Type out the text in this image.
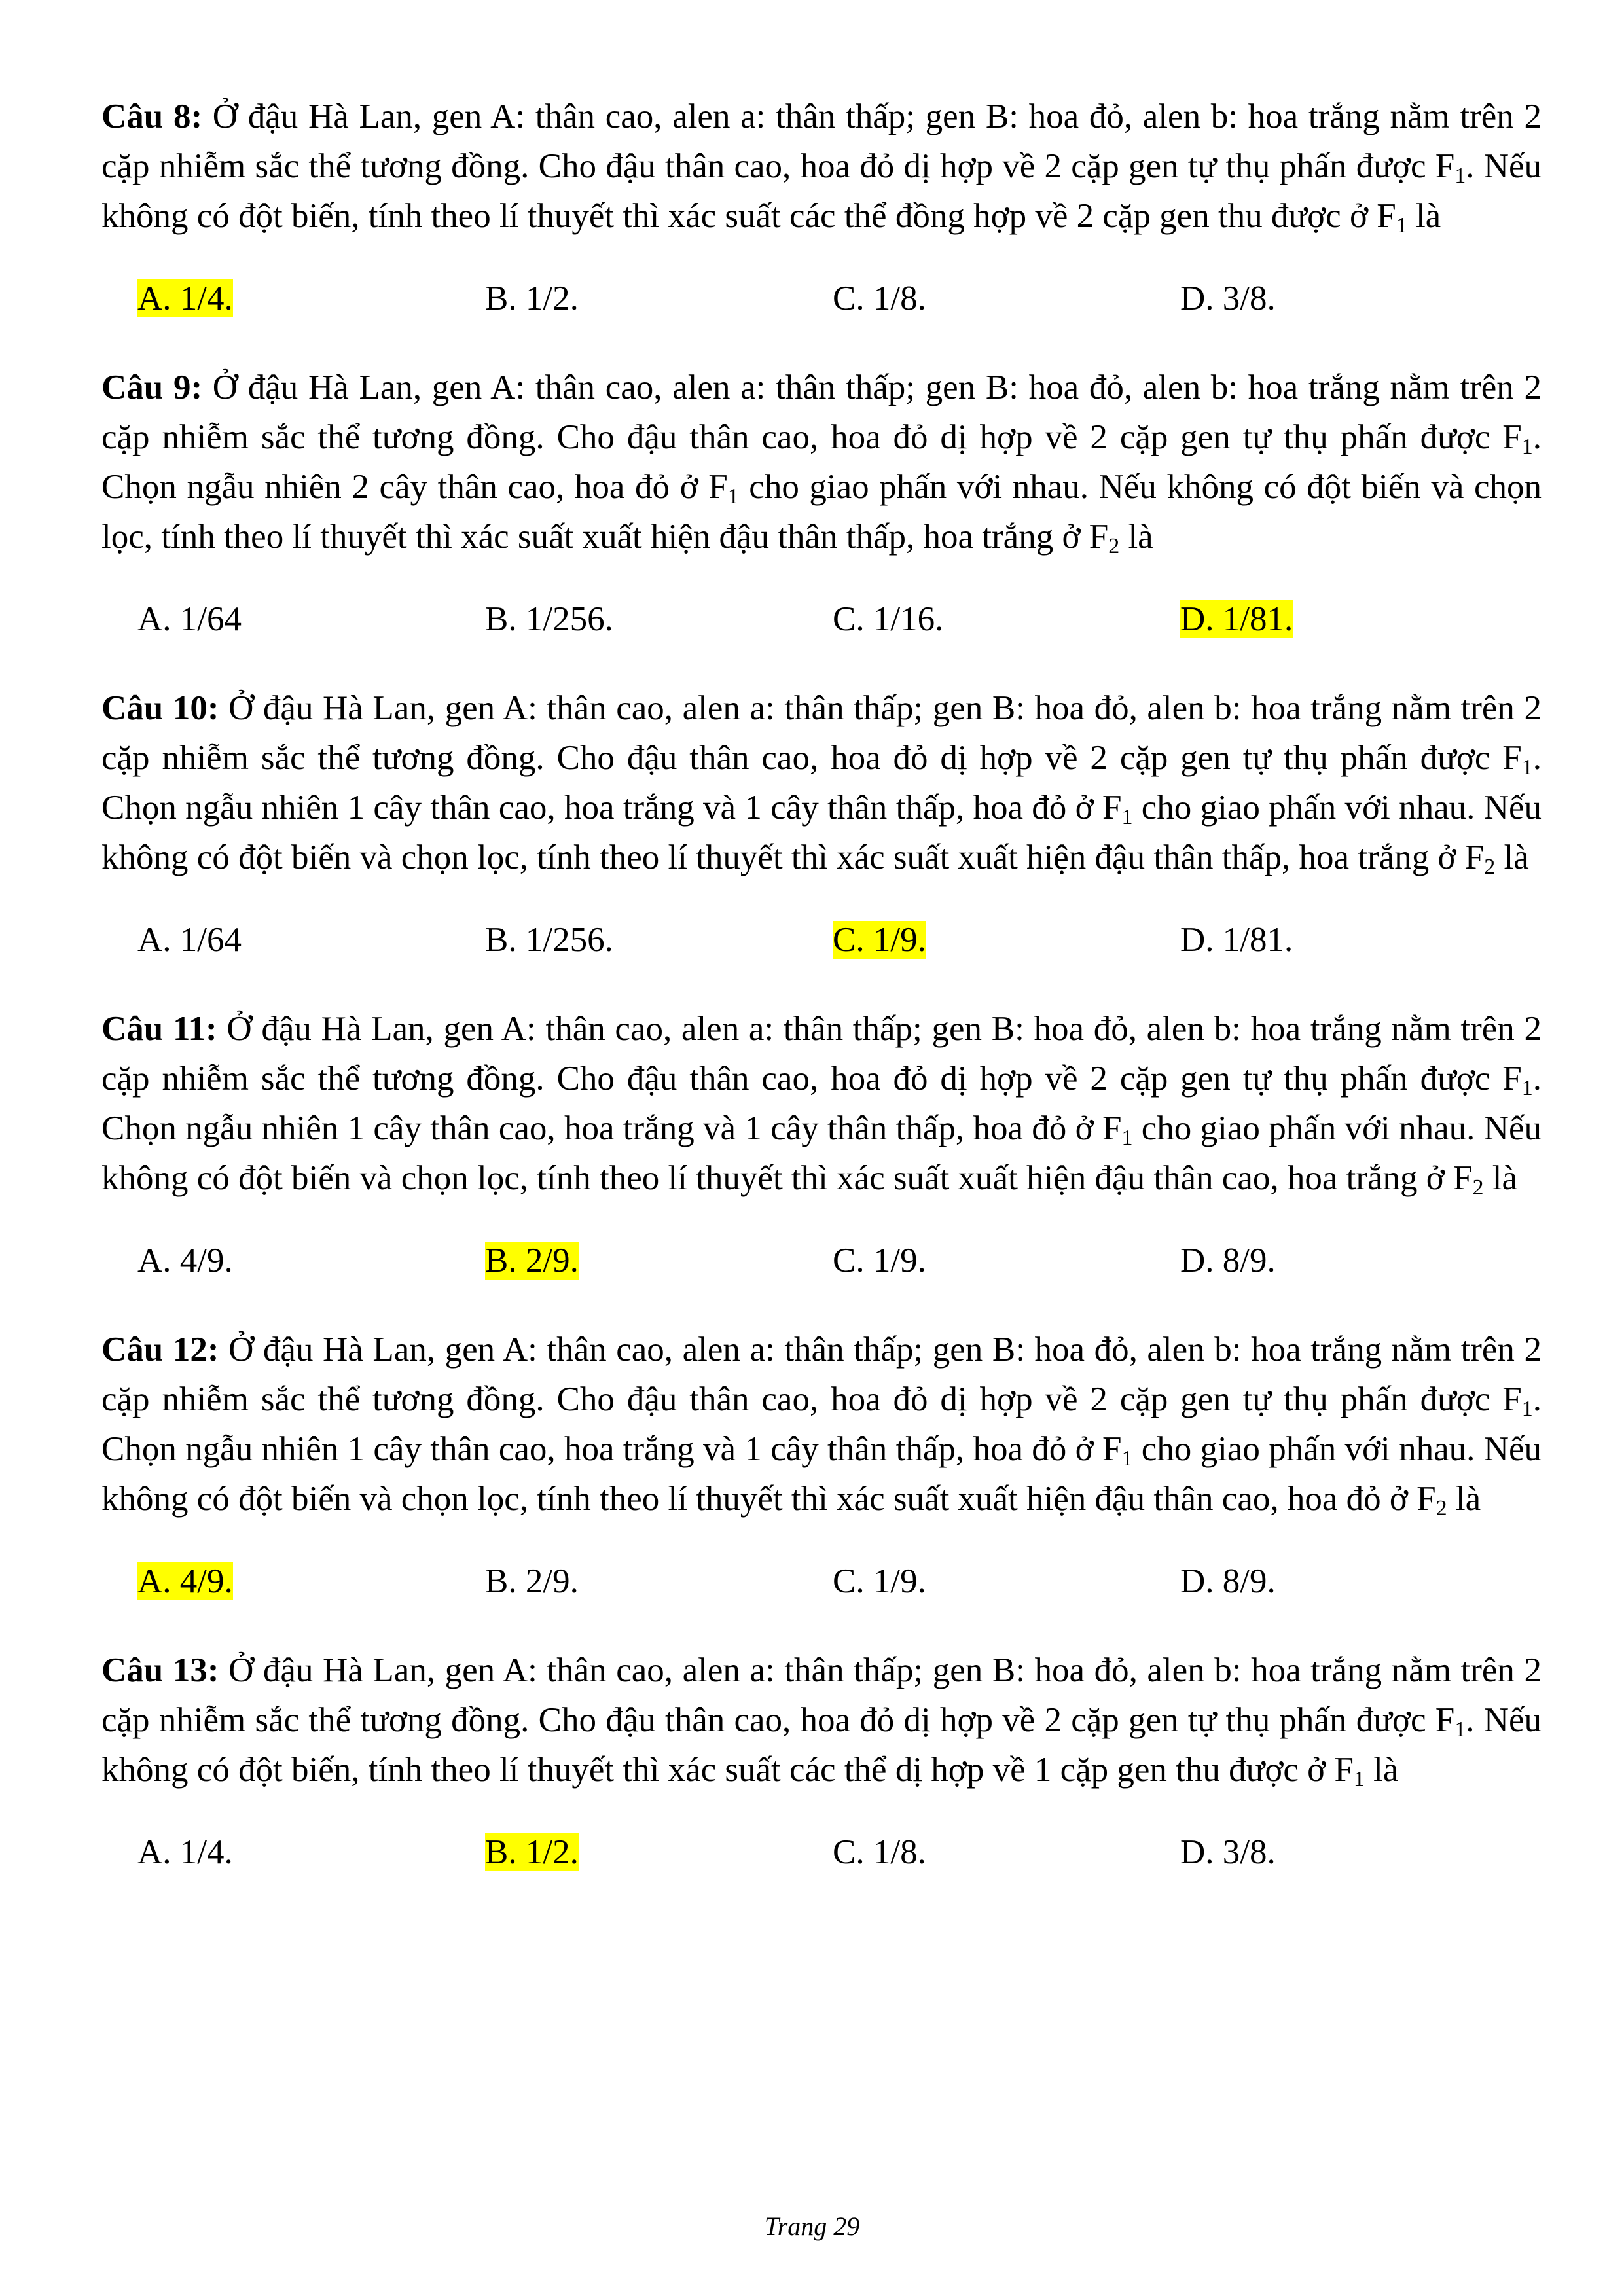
Câu 8: Ở đậu Hà Lan, gen A: thân cao, alen a: thân thấp; gen B: hoa đỏ, alen b: hoa trắng nằm trên 2 cặp nhiễm sắc thể tương đồng. Cho đậu thân cao, hoa đỏ dị hợp về 2 cặp gen tự thụ phấn được $F_1$. Nếu không có đột biến, tính theo lí thuyết thì xác suất các thể đồng hợp về 2 cặp gen thu được ở $F_1$ là

A. 1/4.	B. 1/2.	C. 1/8.	D. 3/8.

Câu 9: Ở đậu Hà Lan, gen A: thân cao, alen a: thân thấp; gen B: hoa đỏ, alen b: hoa trắng nằm trên 2 cặp nhiễm sắc thể tương đồng. Cho đậu thân cao, hoa đỏ dị hợp về 2 cặp gen tự thụ phấn được $F_1$. Chọn ngẫu nhiên 2 cây thân cao, hoa đỏ ở $F_1$ cho giao phấn với nhau. Nếu không có đột biến và chọn lọc, tính theo lí thuyết thì xác suất xuất hiện đậu thân thấp, hoa trắng ở $F_2$ là

A. 1/64	B. 1/256.	C. 1/16.	D. 1/81.

Câu 10: Ở đậu Hà Lan, gen A: thân cao, alen a: thân thấp; gen B: hoa đỏ, alen b: hoa trắng nằm trên 2 cặp nhiễm sắc thể tương đồng. Cho đậu thân cao, hoa đỏ dị hợp về 2 cặp gen tự thụ phấn được $F_1$. Chọn ngẫu nhiên 1 cây thân cao, hoa trắng và 1 cây thân thấp, hoa đỏ ở $F_1$ cho giao phấn với nhau. Nếu không có đột biến và chọn lọc, tính theo lí thuyết thì xác suất xuất hiện đậu thân thấp, hoa trắng ở $F_2$ là

A. 1/64	B. 1/256.	C. 1/9.	D. 1/81.

Câu 11: Ở đậu Hà Lan, gen A: thân cao, alen a: thân thấp; gen B: hoa đỏ, alen b: hoa trắng nằm trên 2 cặp nhiễm sắc thể tương đồng. Cho đậu thân cao, hoa đỏ dị hợp về 2 cặp gen tự thụ phấn được $F_1$. Chọn ngẫu nhiên 1 cây thân cao, hoa trắng và 1 cây thân thấp, hoa đỏ ở $F_1$ cho giao phấn với nhau. Nếu không có đột biến và chọn lọc, tính theo lí thuyết thì xác suất xuất hiện đậu thân cao, hoa trắng ở $F_2$ là

A. 4/9.	B. 2/9.	C. 1/9.	D. 8/9.

Câu 12: Ở đậu Hà Lan, gen A: thân cao, alen a: thân thấp; gen B: hoa đỏ, alen b: hoa trắng nằm trên 2 cặp nhiễm sắc thể tương đồng. Cho đậu thân cao, hoa đỏ dị hợp về 2 cặp gen tự thụ phấn được $F_1$. Chọn ngẫu nhiên 1 cây thân cao, hoa trắng và 1 cây thân thấp, hoa đỏ ở $F_1$ cho giao phấn với nhau. Nếu không có đột biến và chọn lọc, tính theo lí thuyết thì xác suất xuất hiện đậu thân cao, hoa đỏ ở $F_2$ là

A. 4/9.	B. 2/9.	C. 1/9.	D. 8/9.

Câu 13: Ở đậu Hà Lan, gen A: thân cao, alen a: thân thấp; gen B: hoa đỏ, alen b: hoa trắng nằm trên 2 cặp nhiễm sắc thể tương đồng. Cho đậu thân cao, hoa đỏ dị hợp về 2 cặp gen tự thụ phấn được $F_1$. Nếu không có đột biến, tính theo lí thuyết thì xác suất các thể dị hợp về 1 cặp gen thu được ở $F_1$ là

A. 1/4.	B. 1/2.	C. 1/8.	D. 3/8.
Trang 29
